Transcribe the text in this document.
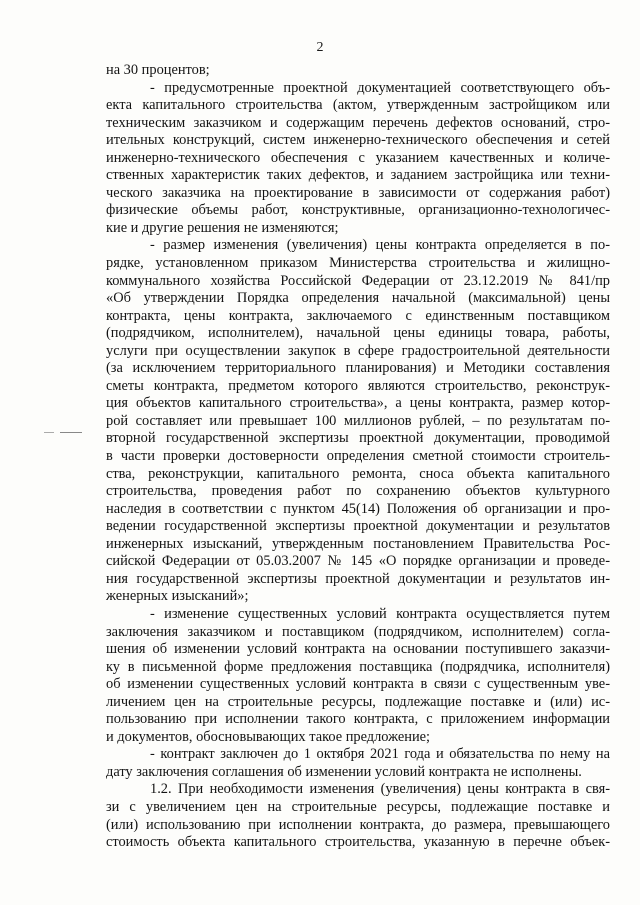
2
на 30 процентов;
- предусмотренные проектной документацией соответствующего объ-
екта капитального строительства (актом, утвержденным застройщиком или
техническим заказчиком и содержащим перечень дефектов оснований, стро-
ительных конструкций, систем инженерно-технического обеспечения и сетей
инженерно-технического обеспечения с указанием качественных и количе-
ственных характеристик таких дефектов, и заданием застройщика или техни-
ческого заказчика на проектирование в зависимости от содержания работ)
физические объемы работ, конструктивные, организационно-технологичес-
кие и другие решения не изменяются;
- размер изменения (увеличения) цены контракта определяется в по-
рядке, установленном приказом Министерства строительства и жилищно-
коммунального хозяйства Российской Федерации от 23.12.2019 № 841/пр
«Об утверждении Порядка определения начальной (максимальной) цены
контракта, цены контракта, заключаемого с единственным поставщиком
(подрядчиком, исполнителем), начальной цены единицы товара, работы,
услуги при осуществлении закупок в сфере градостроительной деятельности
(за исключением территориального планирования) и Методики составления
сметы контракта, предметом которого являются строительство, реконструк-
ция объектов капитального строительства», а цены контракта, размер котор-
рой составляет или превышает 100 миллионов рублей, – по результатам по-
вторной государственной экспертизы проектной документации, проводимой
в части проверки достоверности определения сметной стоимости строитель-
ства, реконструкции, капитального ремонта, сноса объекта капитального
строительства, проведения работ по сохранению объектов культурного
наследия в соответствии с пунктом 45(14) Положения об организации и про-
ведении государственной экспертизы проектной документации и результатов
инженерных изысканий, утвержденным постановлением Правительства Рос-
сийской Федерации от 05.03.2007 № 145 «О порядке организации и проведе-
ния государственной экспертизы проектной документации и результатов ин-
женерных изысканий»;
- изменение существенных условий контракта осуществляется путем
заключения заказчиком и поставщиком (подрядчиком, исполнителем) согла-
шения об изменении условий контракта на основании поступившего заказчи-
ку в письменной форме предложения поставщика (подрядчика, исполнителя)
об изменении существенных условий контракта в связи с существенным уве-
личением цен на строительные ресурсы, подлежащие поставке и (или) ис-
пользованию при исполнении такого контракта, с приложением информации
и документов, обосновывающих такое предложение;
- контракт заключен до 1 октября 2021 года и обязательства по нему на
дату заключения соглашения об изменении условий контракта не исполнены.
1.2. При необходимости изменения (увеличения) цены контракта в свя-
зи с увеличением цен на строительные ресурсы, подлежащие поставке и
(или) использованию при исполнении контракта, до размера, превышающего
стоимость объекта капитального строительства, указанную в перечне объек-
